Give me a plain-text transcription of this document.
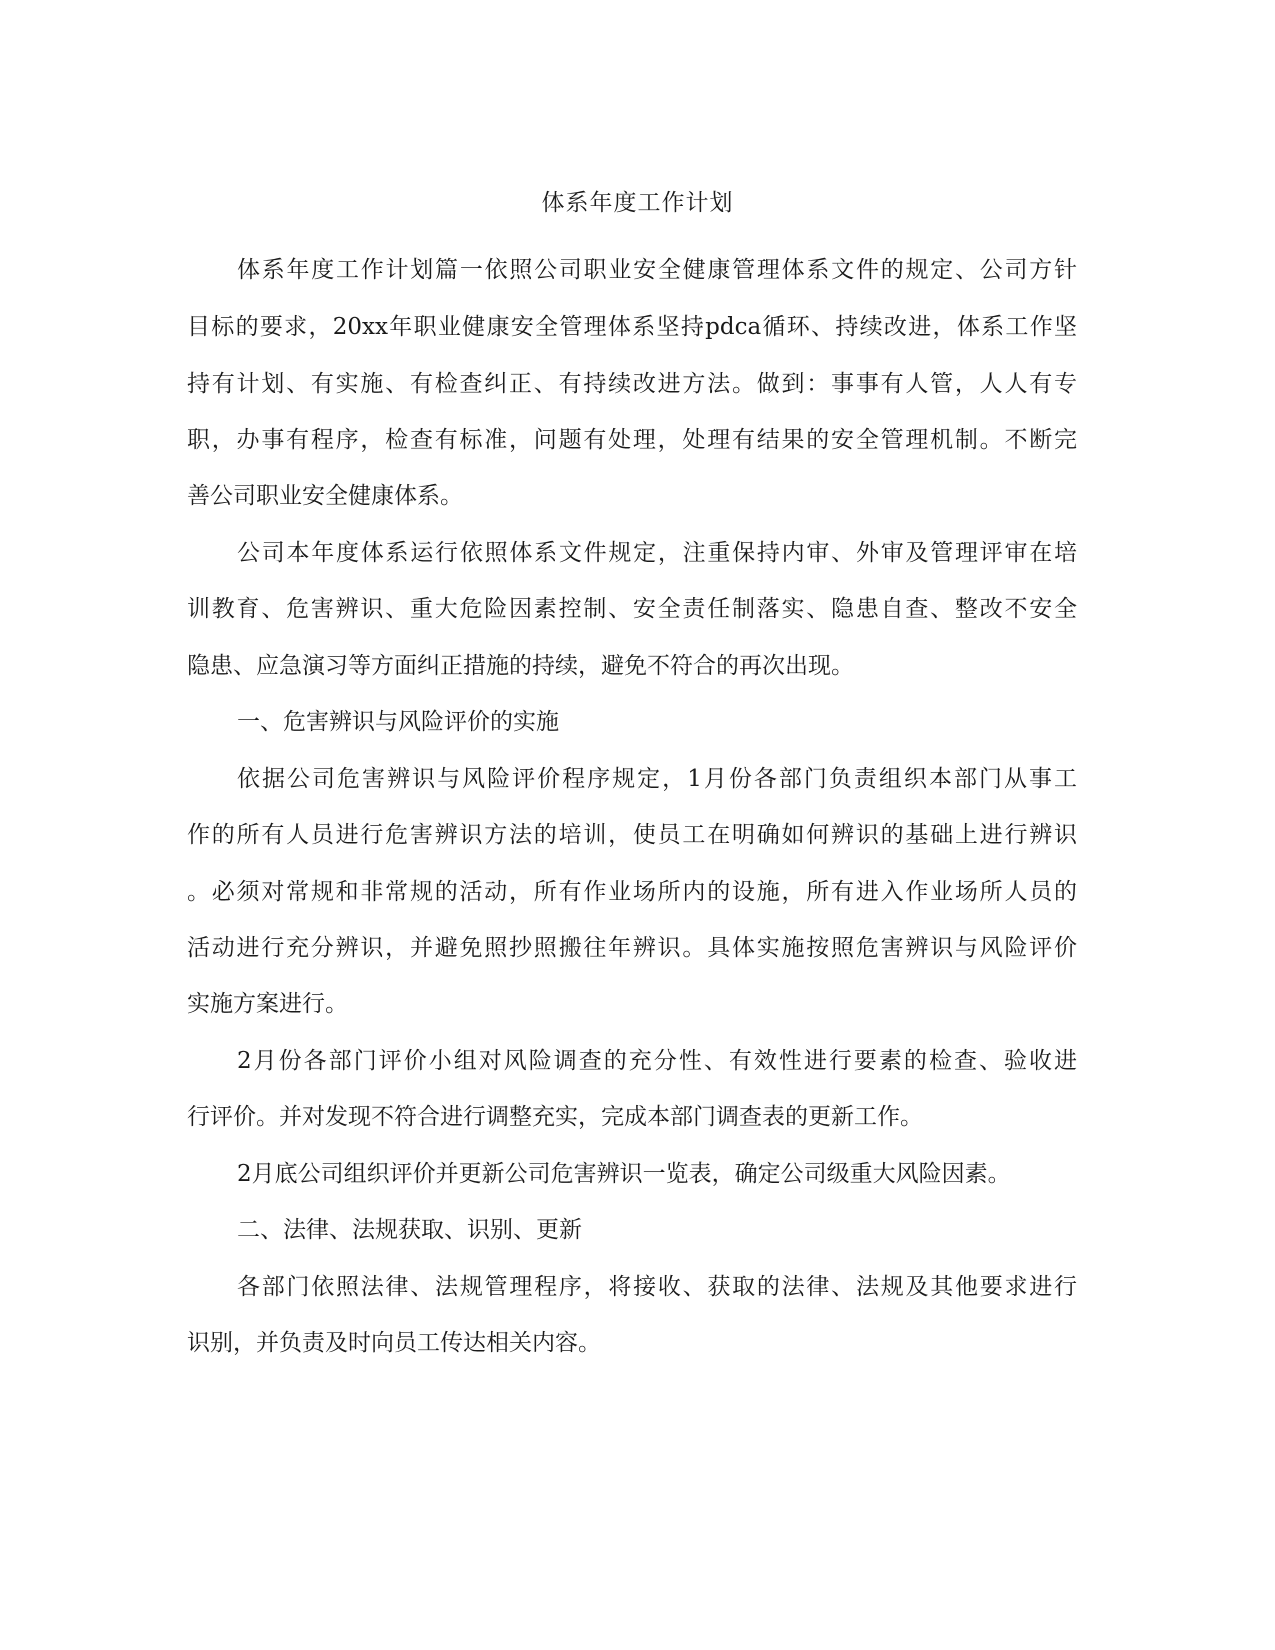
体系年度工作计划
体系年度工作计划篇一依照公司职业安全健康管理体系文件的规定、公司方针
目标的要求，20xx年职业健康安全管理体系坚持pdca循环、持续改进，体系工作坚
持有计划、有实施、有检查纠正、有持续改进方法。做到：事事有人管，人人有专
职，办事有程序，检查有标准，问题有处理，处理有结果的安全管理机制。不断完
善公司职业安全健康体系。
公司本年度体系运行依照体系文件规定，注重保持内审、外审及管理评审在培
训教育、危害辨识、重大危险因素控制、安全责任制落实、隐患自查、整改不安全
隐患、应急演习等方面纠正措施的持续，避免不符合的再次出现。
一、危害辨识与风险评价的实施
依据公司危害辨识与风险评价程序规定，1月份各部门负责组织本部门从事工
作的所有人员进行危害辨识方法的培训，使员工在明确如何辨识的基础上进行辨识
。必须对常规和非常规的活动，所有作业场所内的设施，所有进入作业场所人员的
活动进行充分辨识，并避免照抄照搬往年辨识。具体实施按照危害辨识与风险评价
实施方案进行。
2月份各部门评价小组对风险调查的充分性、有效性进行要素的检查、验收进
行评价。并对发现不符合进行调整充实，完成本部门调查表的更新工作。
2月底公司组织评价并更新公司危害辨识一览表，确定公司级重大风险因素。
二、法律、法规获取、识别、更新
各部门依照法律、法规管理程序，将接收、获取的法律、法规及其他要求进行
识别，并负责及时向员工传达相关内容。
